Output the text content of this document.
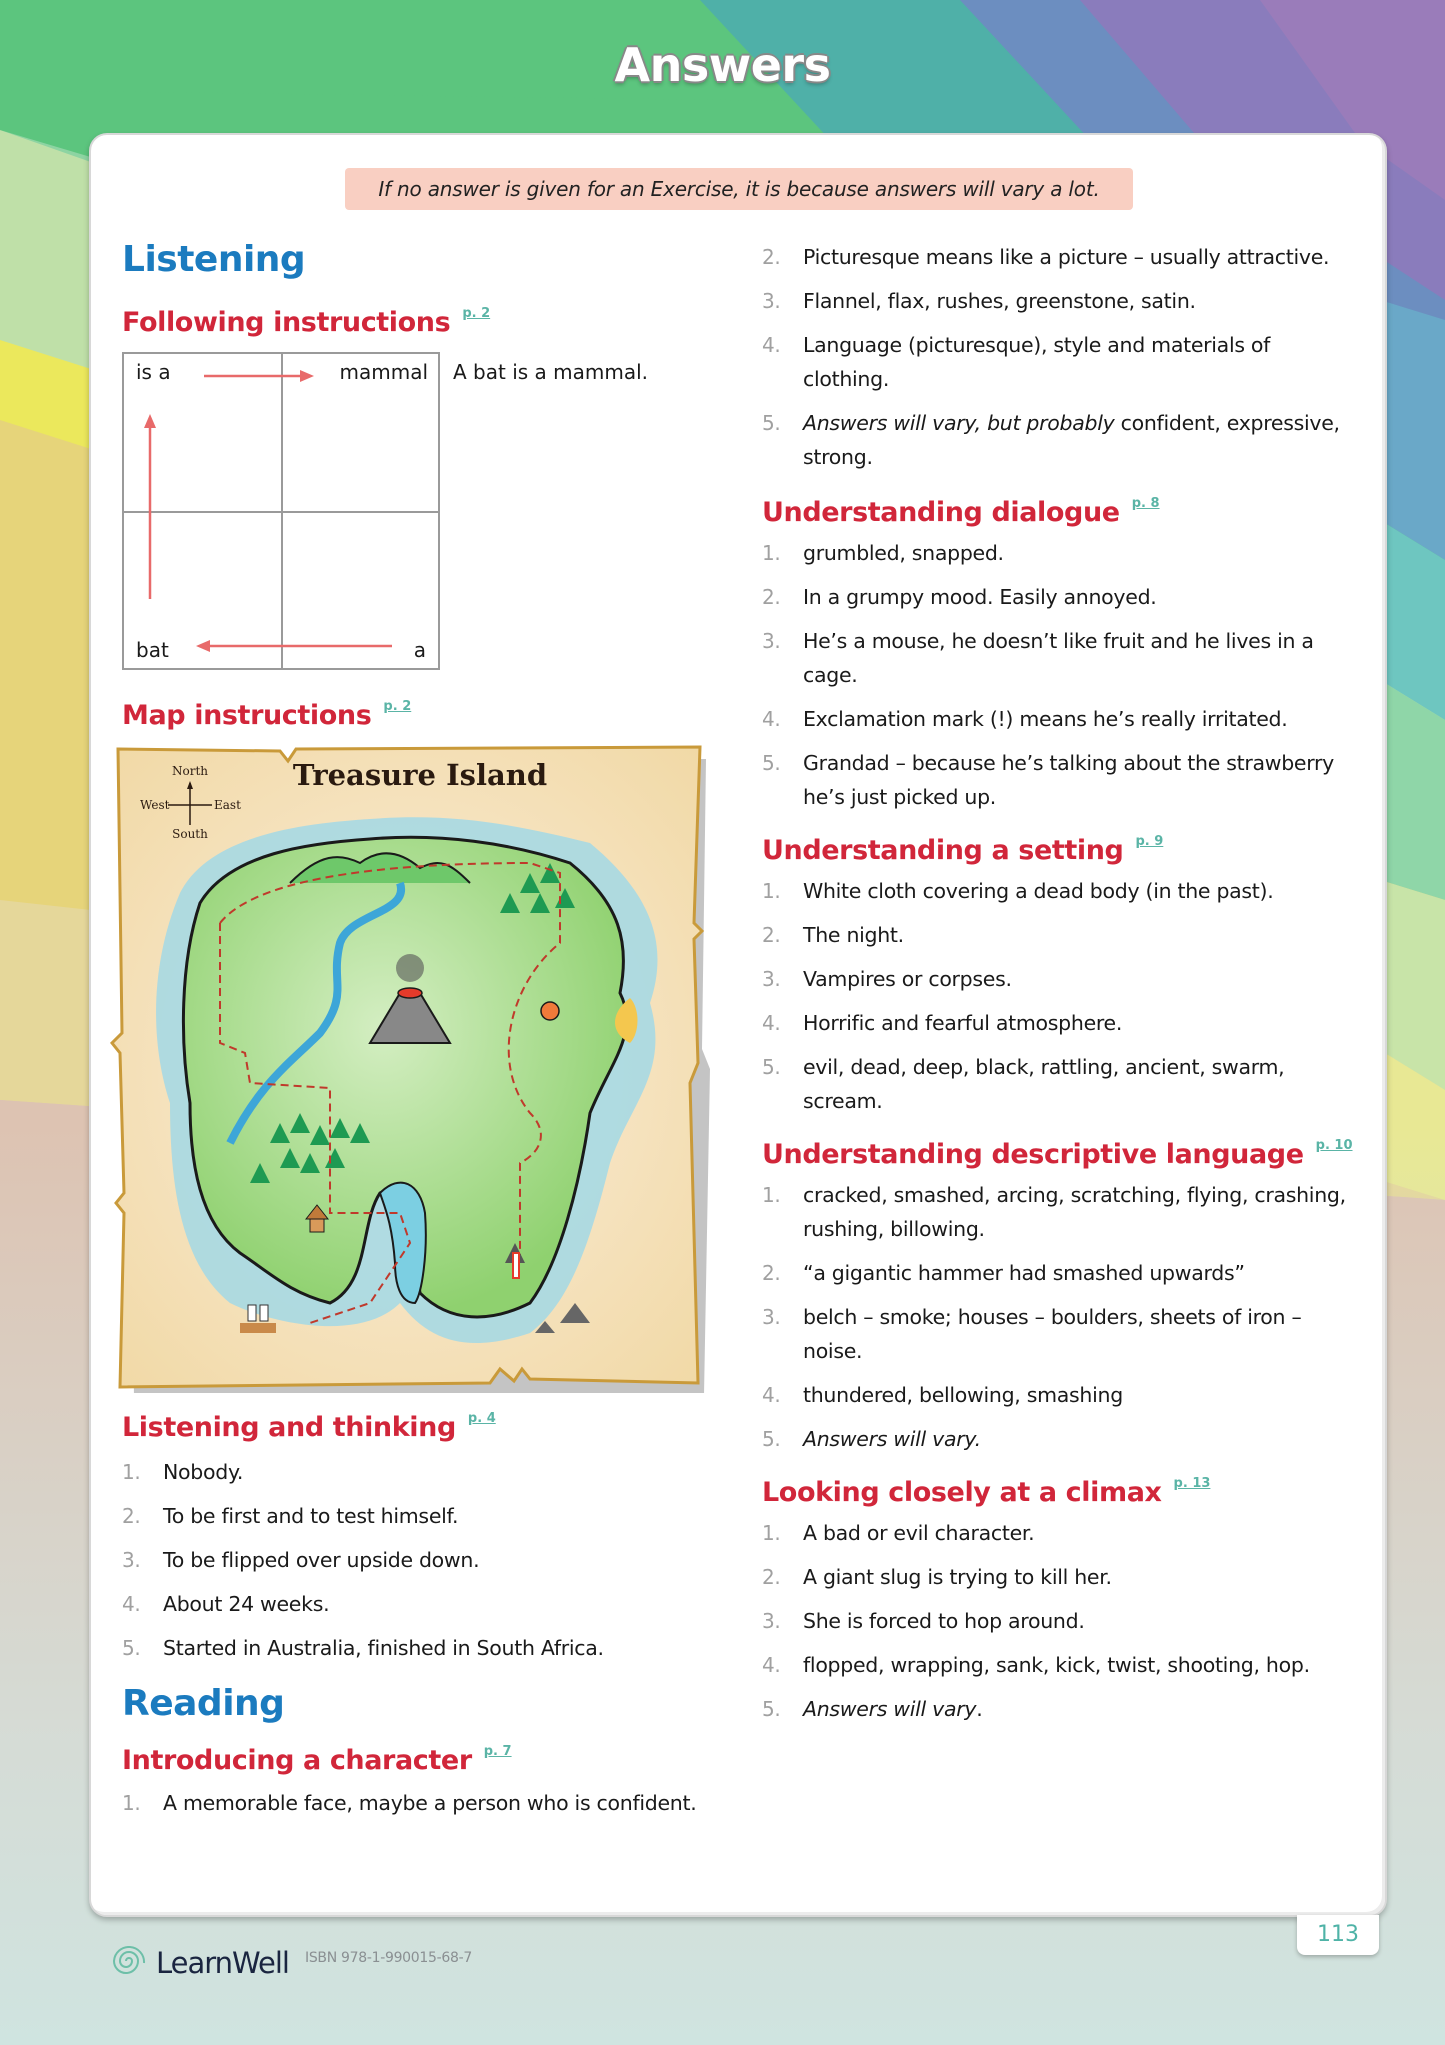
Answers
If no answer is given for an Exercise, it is because answers will vary a lot.
Listening
Following instructions $^{p. 2}$
is a	mammal
bat	a
A bat is a mammal.
Map instructions $^{p. 2}$
Treasure Island
North
South
West	East
Listening and thinking $^{p. 4}$
1. Nobody.
2. To be first and to test himself.
3. To be flipped over upside down.
4. About 24 weeks.
5. Started in Australia, finished in South Africa.
Reading
Introducing a character $^{p. 7}$
1. A memorable face, maybe a person who is confident.
2. Picturesque means like a picture – usually attractive.
3. Flannel, flax, rushes, greenstone, satin.
4. Language (picturesque), style and materials of clothing.
5. Answers will vary, but probably confident, expressive, strong.
Understanding dialogue $^{p. 8}$
1. grumbled, snapped.
2. In a grumpy mood. Easily annoyed.
3. He’s a mouse, he doesn’t like fruit and he lives in a cage.
4. Exclamation mark (!) means he’s really irritated.
5. Grandad – because he’s talking about the strawberry he’s just picked up.
Understanding a setting $^{p. 9}$
1. White cloth covering a dead body (in the past).
2. The night.
3. Vampires or corpses.
4. Horrific and fearful atmosphere.
5. evil, dead, deep, black, rattling, ancient, swarm, scream.
Understanding descriptive language $^{p. 10}$
1. cracked, smashed, arcing, scratching, flying, crashing, rushing, billowing.
2. “a gigantic hammer had smashed upwards”
3. belch – smoke; houses – boulders, sheets of iron – noise.
4. thundered, bellowing, smashing
5. Answers will vary.
Looking closely at a climax $^{p. 13}$
1. A bad or evil character.
2. A giant slug is trying to kill her.
3. She is forced to hop around.
4. flopped, wrapping, sank, kick, twist, shooting, hop.
5. Answers will vary.
LearnWell ISBN 978-1-990015-68-7
113
